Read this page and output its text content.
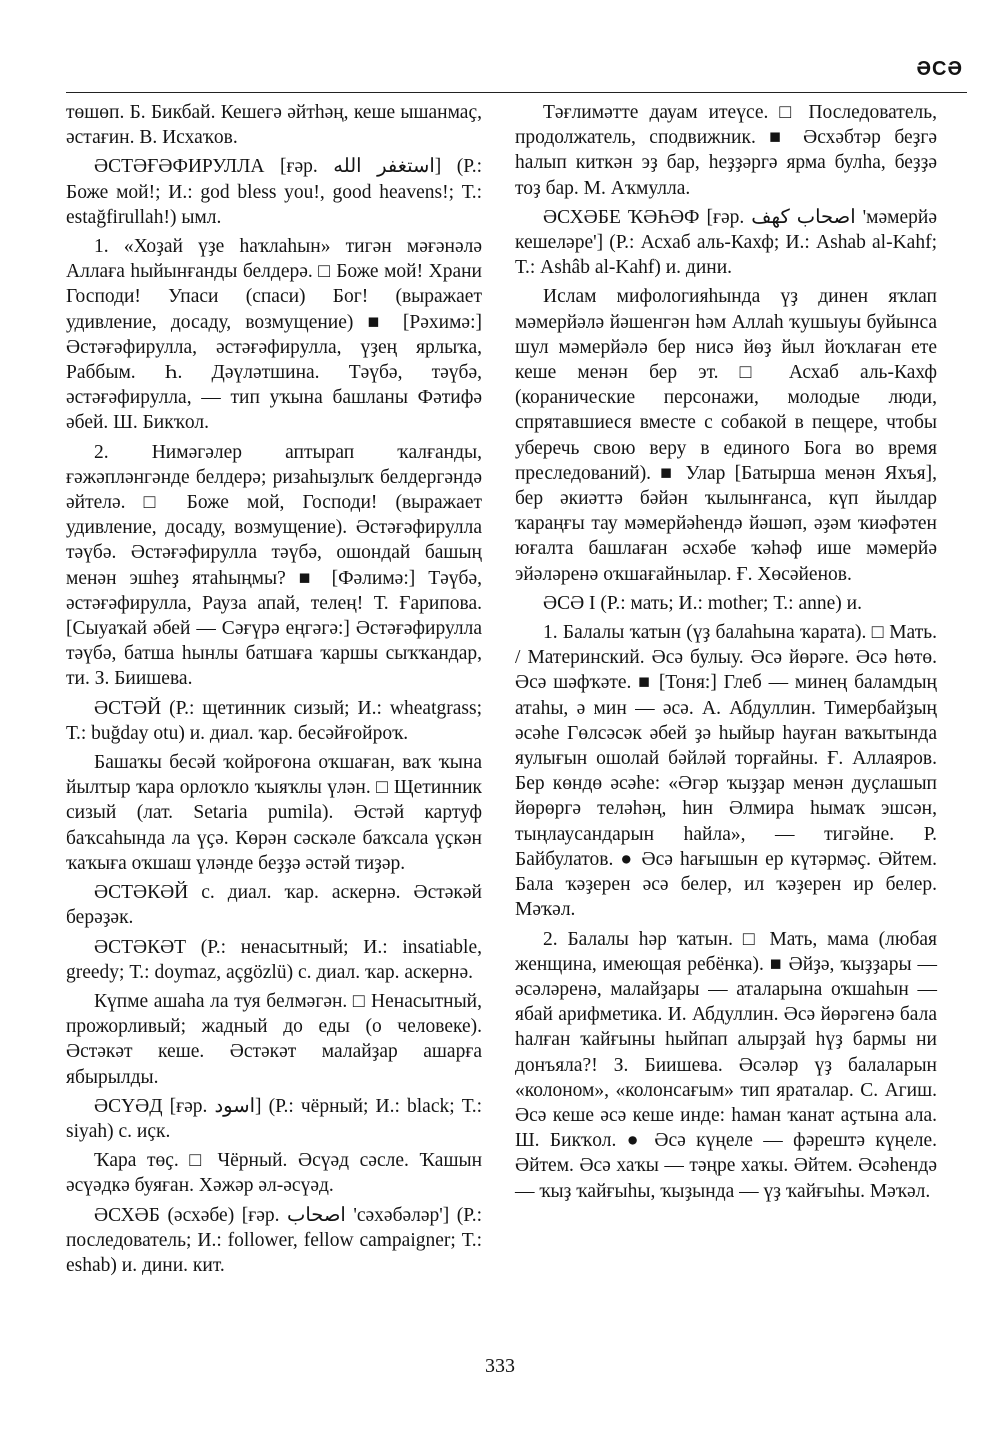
ӘСӘ

төшөп. Б. Бикбай. Кешегә әйтһәң, кеше ышанмаҫ, әстағин. В. Исхаҡов.

ӘСТӘҒӘФИРУЛЛА [ғәр. استغفر الله] (Р.: Боже мой!; И.: god bless you!, good heavens!; Т.: estağfirullah!) ымл.

1. «Хоҙай үҙе һаҡлаһын» тигән мәғәнәлә Аллаға һыйынғанды белдерә. □ Боже мой! Храни Господи! Упаси (спаси) Бог! (выражает удивление, досаду, возмущение) ■ [Рәхимә:] Әстәғәфирулла, әстәғәфирулла, үҙең ярлыҡа, Раббым. Һ. Дәүләтшина. Тәүбә, тәүбә, әстәғәфирулла, — тип уҡына башланы Фәтифә әбей. Ш. Бикҡол.

2. Нимәгәлер аптырап ҡалғанды, ғәжәпләнгәнде белдерә; ризаһыҙлыҡ белдергәндә әйтелә. □ Боже мой, Господи! (выражает удивление, досаду, возмущение). Әстәғәфирулла тәүбә. Әстәғәфирулла тәүбә, ошондай башың менән эшһеҙ ятаһыңмы? ■ [Фәлимә:] Тәүбә, әстәғәфирулла, Рауза апай, телең! Т. Ғарипова. [Сыуаҡай әбей — Сәғүрә еңгәгә:] Әстәғәфирулла тәүбә, батша һынлы батшаға ҡаршы сыҡҡандар, ти. З. Биишева.

ӘСТӘЙ (Р.: щетинник сизый; И.: wheatgrass; Т.: buğday otu) и. диал. ҡар. бесәйғойроҡ.

Башаҡы бесәй ҡойроғона оҡшаған, ваҡ ҡына йылтыр ҡара орлоҡло ҡыяҡлы үлән. □ Щетинник сизый (лат. Setaria pumila). Әстәй картуф баҡсаһында ла үҫә. Көрән сәскәле баҡсала үҫкән ҡаҡыға оҡшаш үләнде беҙҙә әстәй тиҙәр.

ӘСТӘКӘЙ с. диал. ҡар. аскернә. Әстәкәй берәҙәк.

ӘСТӘКӘТ (Р.: ненасытный; И.: insatiable, greedy; Т.: doymaz, açgözlü) с. диал. ҡар. аскернә.

Күпме ашаһа ла туя белмәгән. □ Ненасытный, прожорливый; жадный до еды (о человеке). Әстәкәт кеше. Әстәкәт малайҙар ашарға ябырылды.

ӘСҮӘД [ғәр. اسود] (Р.: чёрный; И.: black; Т.: siyah) с. иҫк.

Ҡара төҫ. □ Чёрный. Әсүәд сәсле. Ҡашын әсүәдкә буяған. Хәжәр әл-әсүәд.

ӘСХӘБ (әсхәбе) [ғәр. اصحاب 'сәхәбәләр'] (Р.: последователь; И.: follower, fellow campaigner; Т.: eshab) и. дини. кит.

Тәғлимәтте дауам итеүсе. □ Последователь, продолжатель, сподвижник. ■ Әсхәбтәр беҙгә һалып киткән эҙ бар, һеҙҙәргә ярма булһа, беҙҙә тоҙ бар. М. Аҡмулла.

ӘСХӘБЕ ҠӘҺӘФ [ғәр. اصحاب كهف 'мәмерйә кешеләре'] (Р.: Асхаб аль-Кахф; И.: Ashab al-Kahf; Т.: Ashâb al-Kahf) и. дини.

Ислам мифологияһында үҙ динен яҡлап мәмерйәлә йәшенгән һәм Аллаһ ҡушыуы буйынса шул мәмерйәлә бер нисә йөҙ йыл йоҡлаған ете кеше менән бер эт. □ Асхаб аль-Кахф (коранические персонажи, молодые люди, спрятавшиеся вместе с собакой в пещере, чтобы уберечь свою веру в единого Бога во время преследований). ■ Улар [Батырша менән Яхъя], бер әкиәттә бәйән ҡылынғанса, күп йылдар ҡараңғы тау мәмерйәһендә йәшәп, әҙәм ҡиәфәтен юғалта башлаған әсхәбе ҡәһәф ише мәмерйә эйәләренә оҡшағайнылар. Ғ. Хөсәйенов.

ӘСӘ I (Р.: мать; И.: mother; Т.: anne) и.

1. Балалы ҡатын (үҙ балаһына ҡарата). □ Мать. / Материнский. Әсә булыу. Әсә йөрәге. Әсә һөтө. Әсә шәфҡәте. ■ [Тоня:] Глеб — минең баламдың атаһы, ә мин — әсә. А. Абдуллин. Тимербайҙың әсәһе Гөлсәсәк әбей ҙә һыйыр һауған ваҡытында яулығын ошолай бәйләй торғайны. Ғ. Аллаяров. Бер көндө әсәһе: «Әгәр ҡыҙҙар менән дуҫлашып йөрөргә теләһәң, һин Әлмира һымаҡ эшсән, тыңлаусандарын һайла», — тигәйне. Р. Байбулатов. ● Әсә һағышын ер күтәрмәҫ. Әйтем. Бала ҡәҙерен әсә белер, ил ҡәҙерен ир белер. Мәҡәл.

2. Балалы һәр ҡатын. □ Мать, мама (любая женщина, имеющая ребёнка). ■ Әйҙә, ҡыҙҙары — әсәләренә, малайҙары — аталарына оҡшаһын — ябай арифметика. И. Абдуллин. Әсә йөрәгенә бала һалған ҡайғыны һыйпап алырҙай һүҙ бармы ни донъяла?! З. Биишева. Әсәләр үҙ балаларын «колоном», «колонсағым» тип яраталар. С. Агиш. Әсә кеше әсә кеше инде: һаман ҡанат аҫтына ала. Ш. Бикҡол. ● Әсә күңеле — фәрештә күңеле. Әйтем. Әсә хаҡы — тәңре хаҡы. Әйтем. Әсәһендә — ҡыҙ ҡайғыһы, ҡыҙында — үҙ ҡайғыһы. Мәҡәл.

333
